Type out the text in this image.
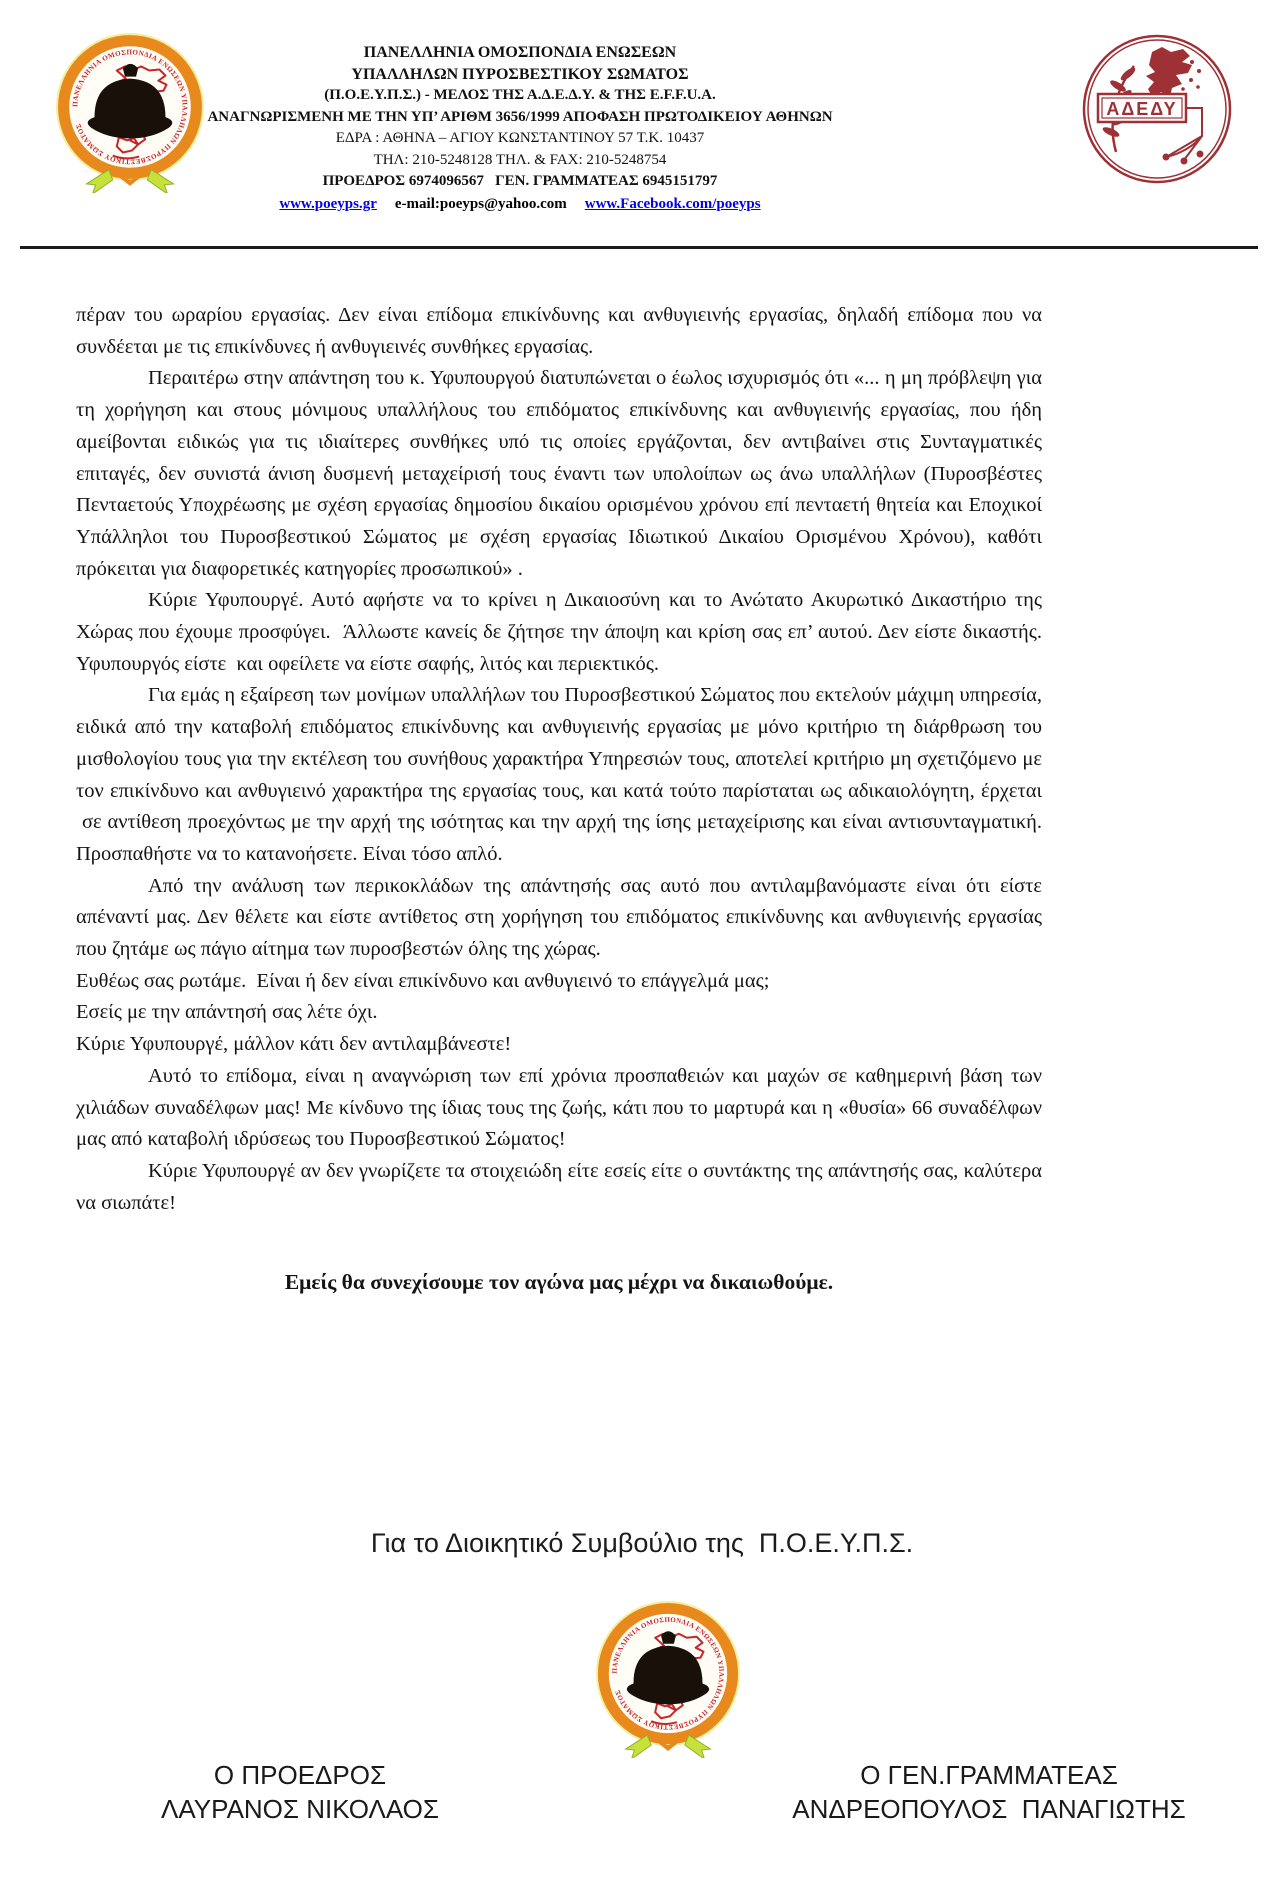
ΠΑΝΕΛΛΗΝΙΑ ΟΜΟΣΠΟΝΔΙΑ ΕΝΩΣΕΩΝ
ΥΠΑΛΛΗΛΩΝ ΠΥΡΟΣΒΕΣΤΙΚΟΥ ΣΩΜΑΤΟΣ
(Π.Ο.Ε.Υ.Π.Σ.) - ΜΕΛΟΣ ΤΗΣ Α.Δ.Ε.Δ.Υ. & ΤΗΣ E.F.F.U.A.
ΑΝΑΓΝΩΡΙΣΜΕΝΗ ΜΕ ΤΗΝ ΥΠ’ ΑΡΙΘΜ 3656/1999 ΑΠΟΦΑΣΗ ΠΡΩΤΟΔΙΚΕΙΟΥ ΑΘΗΝΩΝ
ΕΔΡΑ : ΑΘΗΝΑ – ΑΓΙΟΥ ΚΩΝΣΤΑΝΤΙΝΟΥ 57 Τ.Κ. 10437
ΤΗΛ: 210-5248128 ΤΗΛ. & FAX: 210-5248754
ΠΡΟΕΔΡΟΣ 6974096567   ΓΕΝ. ΓΡΑΜΜΑΤΕΑΣ 6945151797
www.poeyps.gr e-mail:poeyps@yahoo.com www.Facebook.com/poeyps
ΑΔΕΔΥ

πέραν του ωραρίου εργασίας. Δεν είναι επίδομα επικίνδυνης και ανθυγιεινής εργασίας, δηλαδή επίδομα που να συνδέεται με τις επικίνδυνες ή ανθυγιεινές συνθήκες εργασίας.

Περαιτέρω στην απάντηση του κ. Υφυπουργού διατυπώνεται ο έωλος ισχυρισμός ότι «... η μη πρόβλεψη για τη χορήγηση και στους μόνιμους υπαλλήλους του επιδόματος επικίνδυνης και ανθυγιεινής εργασίας, που ήδη αμείβονται ειδικώς για τις ιδιαίτερες συνθήκες υπό τις οποίες εργάζονται, δεν αντιβαίνει στις Συνταγματικές επιταγές, δεν συνιστά άνιση δυσμενή μεταχείρισή τους έναντι των υπολοίπων ως άνω υπαλλήλων (Πυροσβέστες Πενταετούς Υποχρέωσης με σχέση εργασίας δημοσίου δικαίου ορισμένου χρόνου επί πενταετή θητεία και Εποχικοί Υπάλληλοι του Πυροσβεστικού Σώματος με σχέση εργασίας Ιδιωτικού Δικαίου Ορισμένου Χρόνου), καθότι πρόκειται για διαφορετικές κατηγορίες προσωπικού» .

Κύριε Υφυπουργέ. Αυτό αφήστε να το κρίνει η Δικαιοσύνη και το Ανώτατο Ακυρωτικό Δικαστήριο της Χώρας που έχουμε προσφύγει.  Άλλωστε κανείς δε ζήτησε την άποψη και κρίση σας επ’ αυτού. Δεν είστε δικαστής. Υφυπουργός είστε  και οφείλετε να είστε σαφής, λιτός και περιεκτικός.

Για εμάς η εξαίρεση των μονίμων υπαλλήλων του Πυροσβεστικού Σώματος που εκτελούν μάχιμη υπηρεσία, ειδικά από την καταβολή επιδόματος επικίνδυνης και ανθυγιεινής εργασίας με μόνο κριτήριο τη διάρθρωση του μισθολογίου τους για την εκτέλεση του συνήθους χαρακτήρα Υπηρεσιών τους, αποτελεί κριτήριο μη σχετιζόμενο με τον επικίνδυνο και ανθυγιεινό χαρακτήρα της εργασίας τους, και κατά τούτο παρίσταται ως αδικαιολόγητη, έρχεται  σε αντίθεση προεχόντως με την αρχή της ισότητας και την αρχή της ίσης μεταχείρισης και είναι αντισυνταγματική. Προσπαθήστε να το κατανοήσετε. Είναι τόσο απλό.

Από την ανάλυση των περικοκλάδων της απάντησής σας αυτό που αντιλαμβανόμαστε είναι ότι είστε απέναντί μας. Δεν θέλετε και είστε αντίθετος στη χορήγηση του επιδόματος επικίνδυνης και ανθυγιεινής εργασίας που ζητάμε ως πάγιο αίτημα των πυροσβεστών όλης της χώρας.

Ευθέως σας ρωτάμε.  Είναι ή δεν είναι επικίνδυνο και ανθυγιεινό το επάγγελμά μας;

Εσείς με την απάντησή σας λέτε όχι.

Κύριε Υφυπουργέ, μάλλον κάτι δεν αντιλαμβάνεστε!

Αυτό το επίδομα, είναι η αναγνώριση των επί χρόνια προσπαθειών και μαχών σε καθημερινή βάση των χιλιάδων συναδέλφων μας! Με κίνδυνο της ίδιας τους της ζωής, κάτι που το μαρτυρά και η «θυσία» 66 συναδέλφων μας από καταβολή ιδρύσεως του Πυροσβεστικού Σώματος!

Κύριε Υφυπουργέ αν δεν γνωρίζετε τα στοιχειώδη είτε εσείς είτε ο συντάκτης της απάντησής σας, καλύτερα να σιωπάτε!

Εμείς θα συνεχίσουμε τον αγώνα μας μέχρι να δικαιωθούμε.

Για το Διοικητικό Συμβούλιο της  Π.Ο.Ε.Υ.Π.Σ.
Ο ΠΡΟΕΔΡΟΣ
ΛΑΥΡΑΝΟΣ ΝΙΚΟΛΑΟΣ
Ο ΓΕΝ.ΓΡΑΜΜΑΤΕΑΣ
ΑΝΔΡΕΟΠΟΥΛΟΣ  ΠΑΝΑΓΙΩΤΗΣ
